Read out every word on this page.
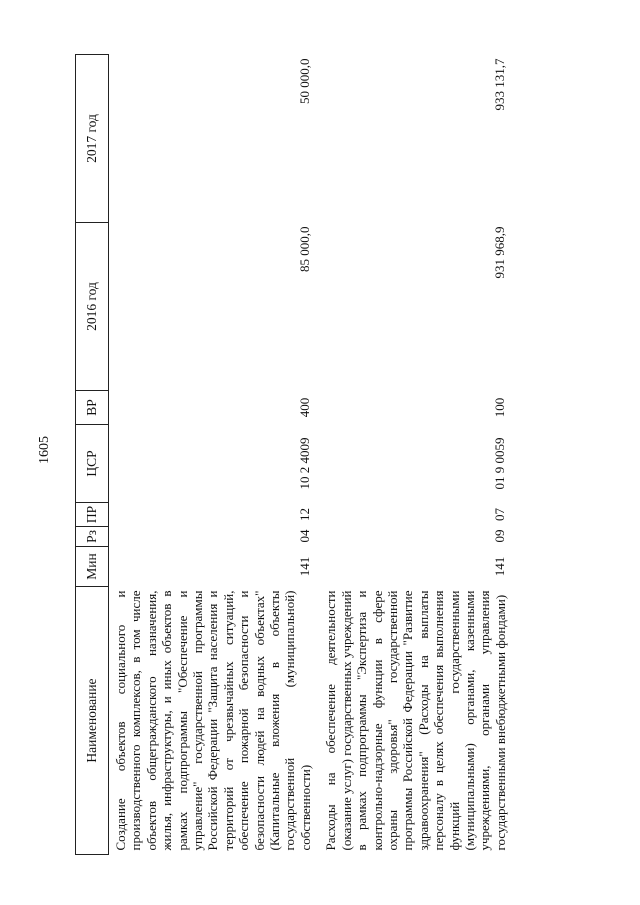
1605
Наименование	Мин	Рз	ПР	ЦСР	ВР	2016 год	2017 год
Создание объектов социального и производственного комплексов, в том числе объектов общегражданского назначения, жилья, инфраструктуры, и иных объектов в рамках подпрограммы "Обеспечение и управление" государственной программы Российской Федерации "Защита населения и территорий от чрезвычайных ситуаций, обеспечение пожарной безопасности и безопасности людей на водных объектах" (Капитальные вложения в объекты государственной (муниципальной) собственности)	141	04	12	10 2 4009	400	85 000,0	50 000,0
Расходы на обеспечение деятельности (оказание услуг) государственных учреждений в рамках подпрограммы "Экспертиза и контрольно-надзорные функции в сфере охраны здоровья" государственной программы Российской Федерации "Развитие здравоохранения" (Расходы на выплаты персоналу в целях обеспечения выполнения функций государственными (муниципальными) органами, казенными учреждениями, органами управления государственными внебюджетными фондами)	141	09	07	01 9 0059	100	931 968,9	933 131,7
